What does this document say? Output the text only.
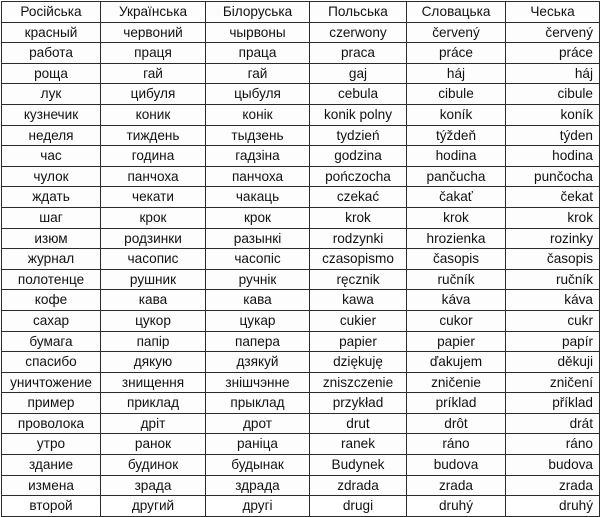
Російська	Українська	Білоруська	Польська	Словацька	Чеська
красный	червоний	чырвоны	czerwony	červený	červený
работа	праця	праца	praca	práce	práce
роща	гай	гай	gaj	háj	háj
лук	цибуля	цыбуля	cebula	cibule	cibule
кузнечик	коник	конік	konik polny	koník	koník
неделя	тиждень	тыдзень	tydzień	týždeň	týden
час	година	гадзіна	godzina	hodina	hodina
чулок	панчоха	панчоха	pończocha	pančucha	punčocha
ждать	чекати	чакаць	czekać	čakať	čekat
шаг	крок	крок	krok	krok	krok
изюм	родзинки	разынкі	rodzynki	hrozienka	rozinky
журнал	часопис	часопіс	czasopismo	časopis	časopis
полотенце	рушник	ручнік	ręcznik	ručník	ručník
кофе	кава	кава	kawa	káva	káva
сахар	цукор	цукар	cukier	cukor	cukr
бумага	папір	папера	papier	papier	papír
спасибо	дякую	дзякуй	dziękuję	ďakujem	děkuji
уничтожение	знищення	знішчэнне	zniszczenie	zničenie	zničení
пример	приклад	прыклад	przykład	príklad	příklad
проволока	дріт	дрот	drut	drôt	drát
утро	ранок	раніца	ranek	ráno	ráno
здание	будинок	будынак	Budynek	budova	budova
измена	зрада	здрада	zdrada	zrada	zrada
второй	другий	другі	drugi	druhý	druhý
